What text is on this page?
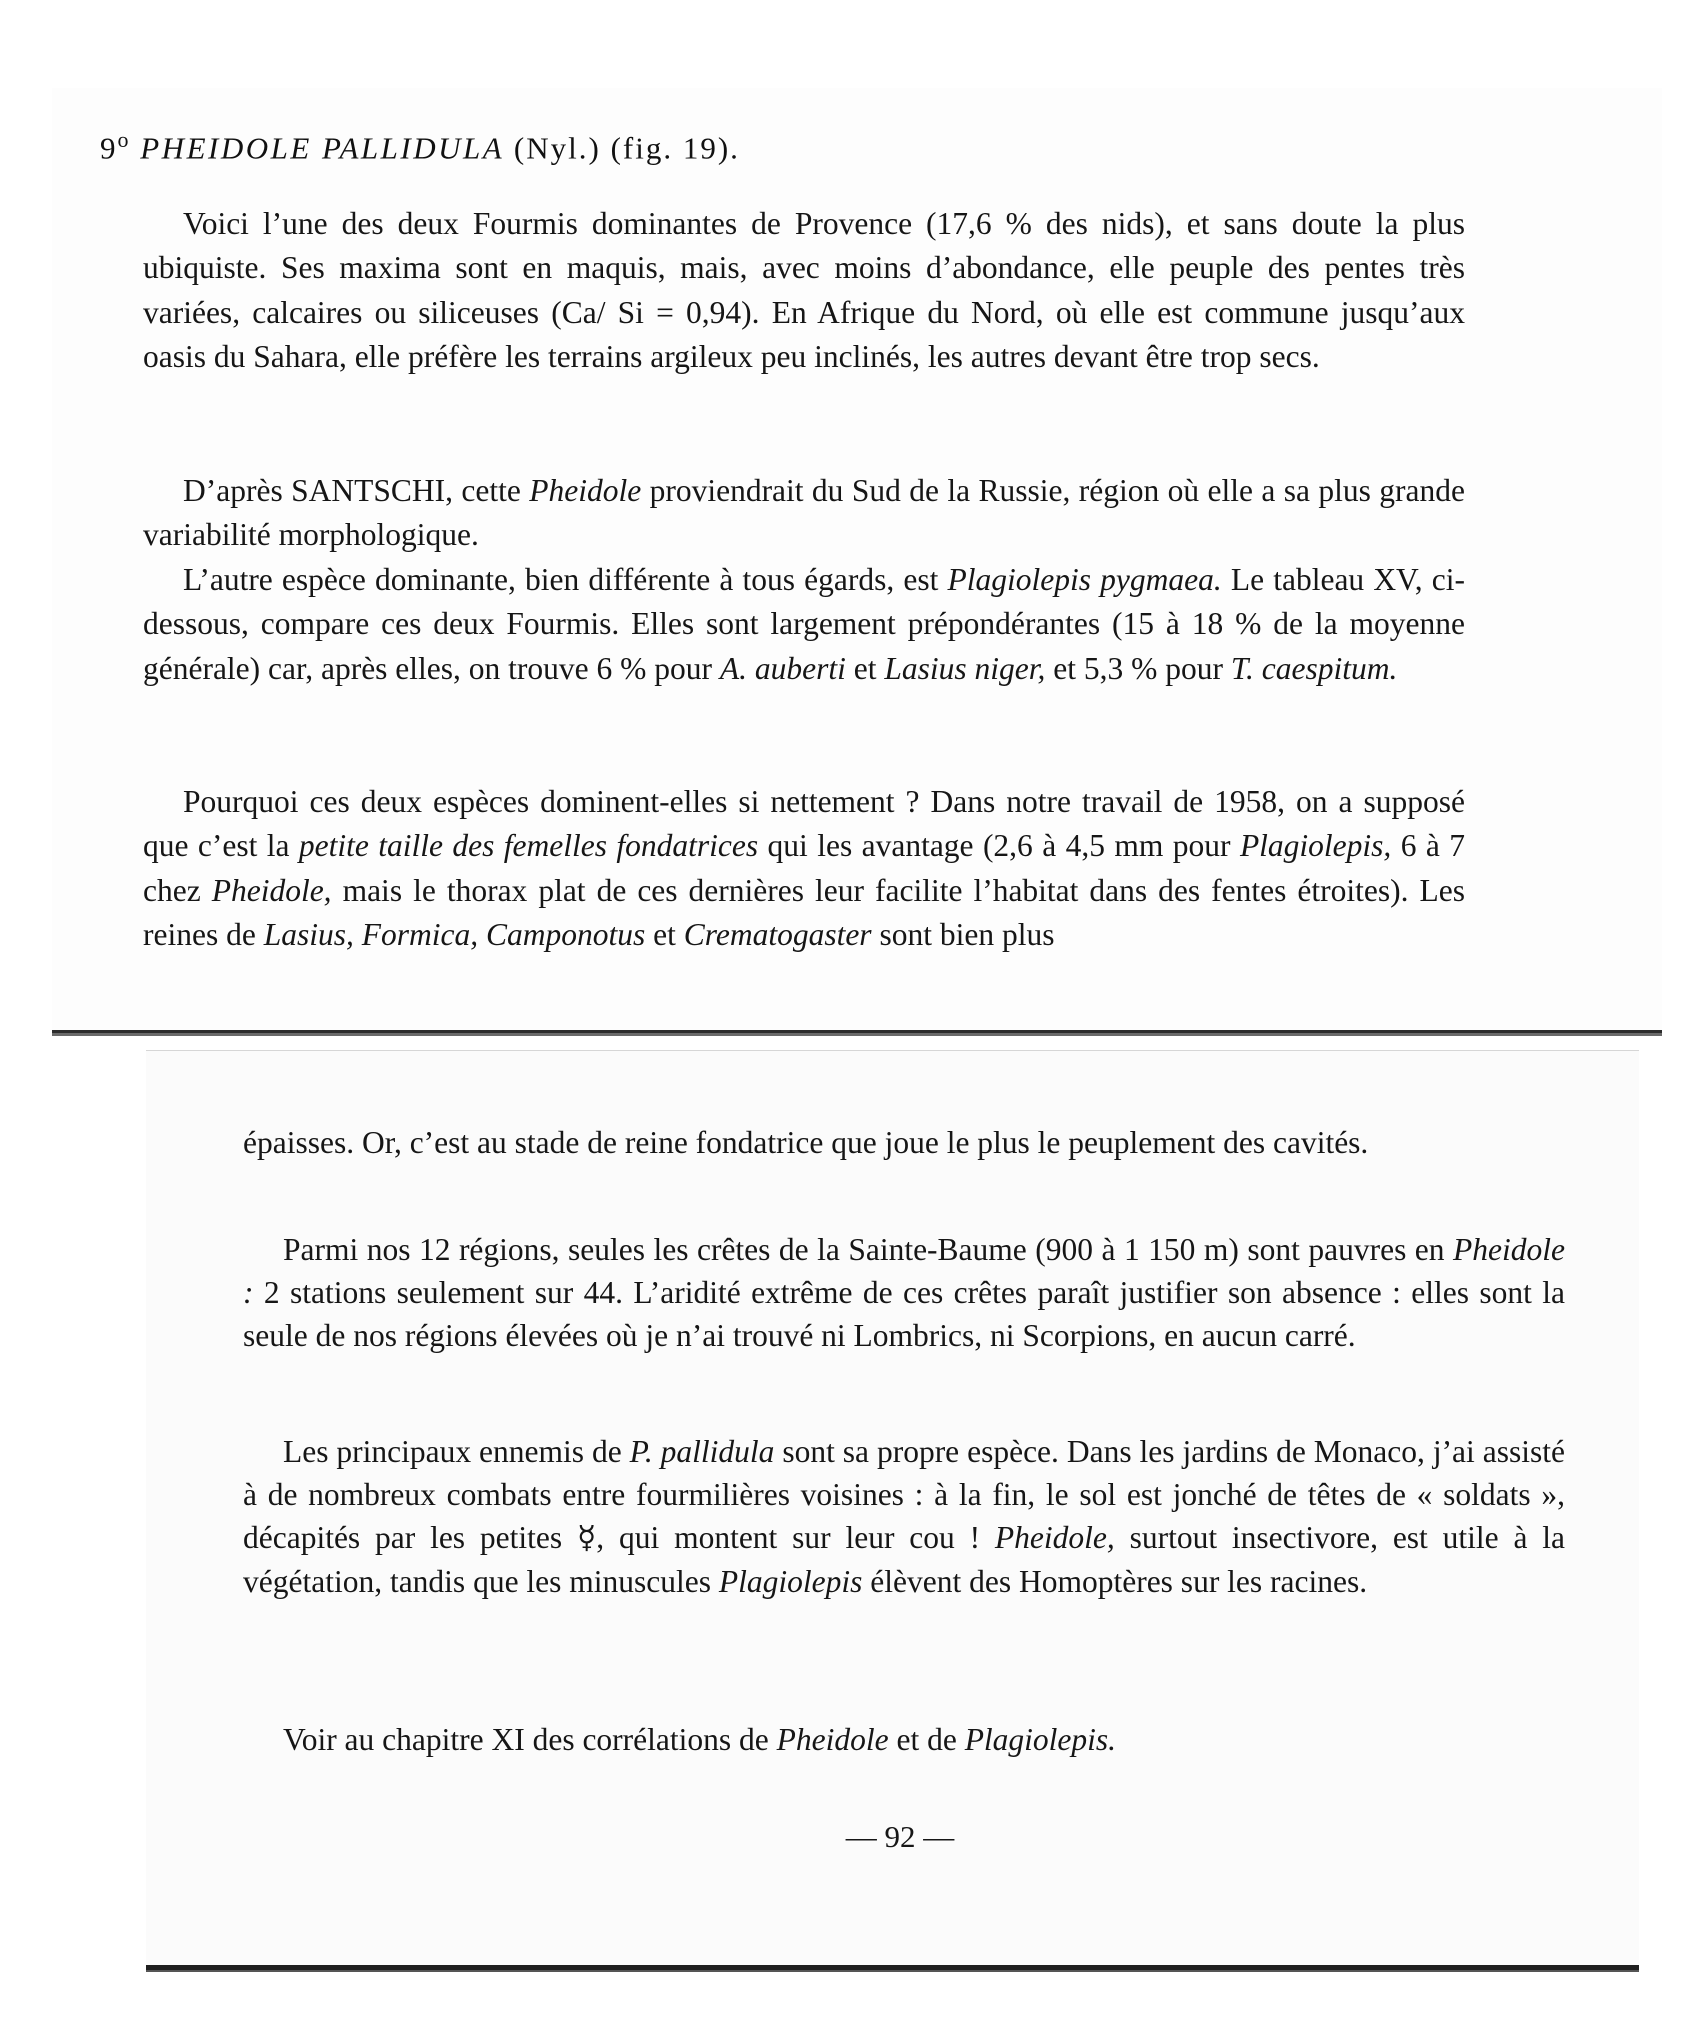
9$^o$ PHEIDOLE PALLIDULA (Nyl.) (fig. 19).

Voici l’une des deux Fourmis dominantes de Provence (17,6 % des nids), et sans doute la plus ubiquiste. Ses maxima sont en maquis, mais, avec moins d’abondance, elle peuple des pentes très variées, calcaires ou siliceuses (Ca/ Si = 0,94). En Afrique du Nord, où elle est commune jusqu’aux oasis du Sahara, elle préfère les terrains argileux peu inclinés, les autres devant être trop secs.

D’après SANTSCHI, cette Pheidole proviendrait du Sud de la Russie, région où elle a sa plus grande variabilité morphologique.

L’autre espèce dominante, bien différente à tous égards, est Plagiolepis pygmaea. Le tableau XV, ci-dessous, compare ces deux Fourmis. Elles sont largement prépondérantes (15 à 18 % de la moyenne générale) car, après elles, on trouve 6 % pour A. auberti et Lasius niger, et 5,3 % pour T. caespitum.

Pourquoi ces deux espèces dominent-elles si nettement ? Dans notre travail de 1958, on a supposé que c’est la petite taille des femelles fondatrices qui les avantage (2,6 à 4,5 mm pour Plagiolepis, 6 à 7 chez Pheidole, mais le thorax plat de ces dernières leur facilite l’habitat dans des fentes étroites). Les reines de Lasius, Formica, Camponotus et Crematogaster sont bien plus

épaisses. Or, c’est au stade de reine fondatrice que joue le plus le peuplement des cavités.

Parmi nos 12 régions, seules les crêtes de la Sainte-Baume (900 à 1 150 m) sont pauvres en Pheidole : 2 stations seulement sur 44. L’aridité extrême de ces crêtes paraît justifier son absence : elles sont la seule de nos régions élevées où je n’ai trouvé ni Lombrics, ni Scorpions, en aucun carré.

Les principaux ennemis de P. pallidula sont sa propre espèce. Dans les jardins de Monaco, j’ai assisté à de nombreux combats entre fourmilières voisines : à la fin, le sol est jonché de têtes de « soldats », décapités par les petites ☿, qui montent sur leur cou ! Pheidole, surtout insectivore, est utile à la végétation, tandis que les minuscules Plagiolepis élèvent des Homoptères sur les racines.

Voir au chapitre XI des corrélations de Pheidole et de Plagiolepis.

— 92 —
